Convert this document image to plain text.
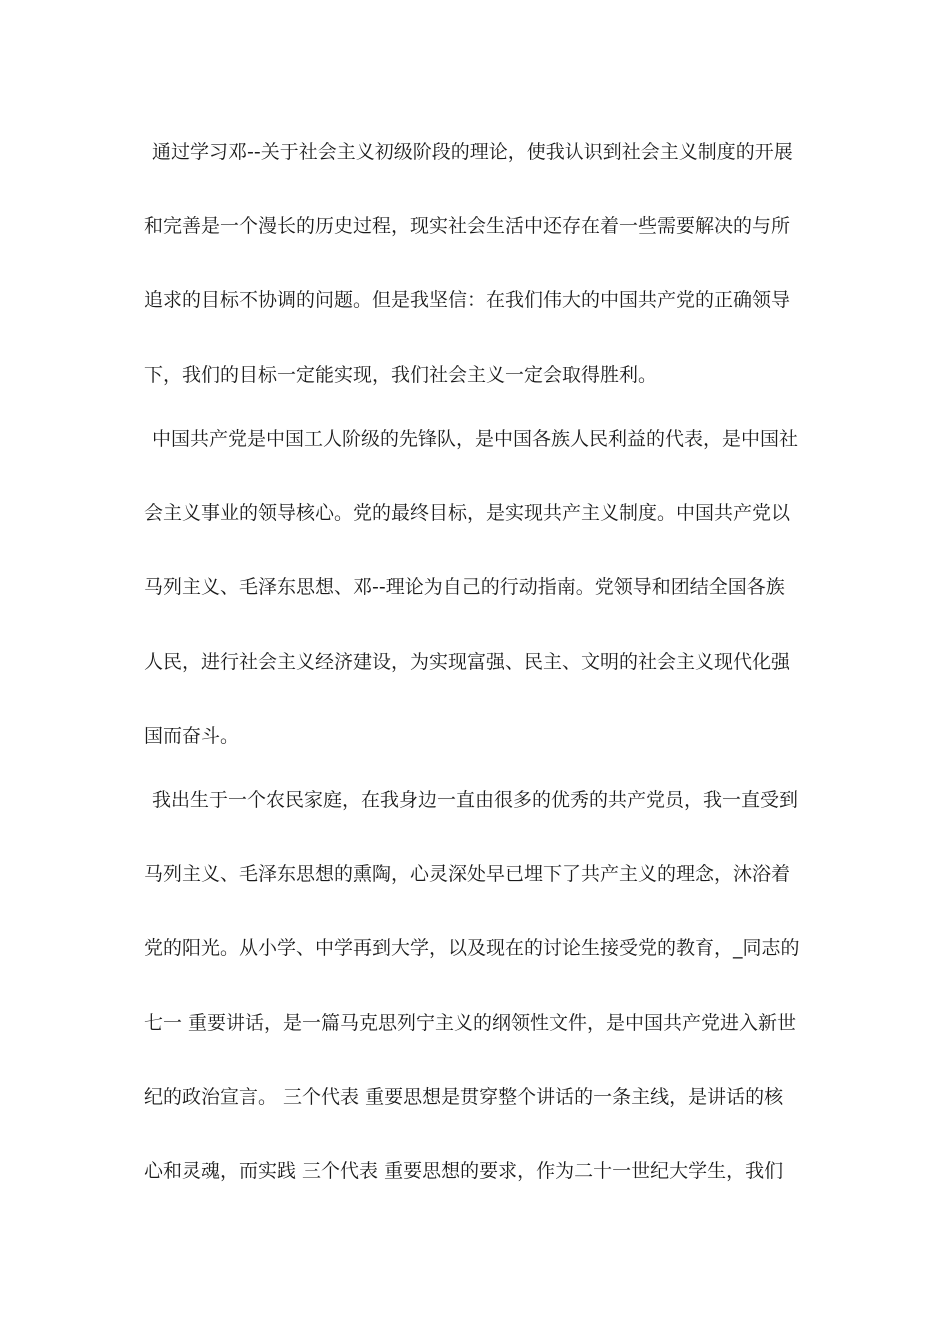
通过学习邓--关于社会主义初级阶段的理论，使我认识到社会主义制度的开展
和完善是一个漫长的历史过程，现实社会生活中还存在着一些需要解决的与所
追求的目标不协调的问题。但是我坚信：在我们伟大的中国共产党的正确领导
下，我们的目标一定能实现，我们社会主义一定会取得胜利。
中国共产党是中国工人阶级的先锋队，是中国各族人民利益的代表，是中国社
会主义事业的领导核心。党的最终目标，是实现共产主义制度。中国共产党以
马列主义、毛泽东思想、邓--理论为自己的行动指南。党领导和团结全国各族
人民，进行社会主义经济建设，为实现富强、民主、文明的社会主义现代化强
国而奋斗。
我出生于一个农民家庭，在我身边一直由很多的优秀的共产党员，我一直受到
马列主义、毛泽东思想的熏陶，心灵深处早已埋下了共产主义的理念，沐浴着
党的阳光。从小学、中学再到大学，以及现在的讨论生接受党的教育，_同志的
七一 重要讲话，是一篇马克思列宁主义的纲领性文件，是中国共产党进入新世
纪的政治宣言。 三个代表 重要思想是贯穿整个讲话的一条主线，是讲话的核
心和灵魂，而实践 三个代表 重要思想的要求，作为二十一世纪大学生，我们
